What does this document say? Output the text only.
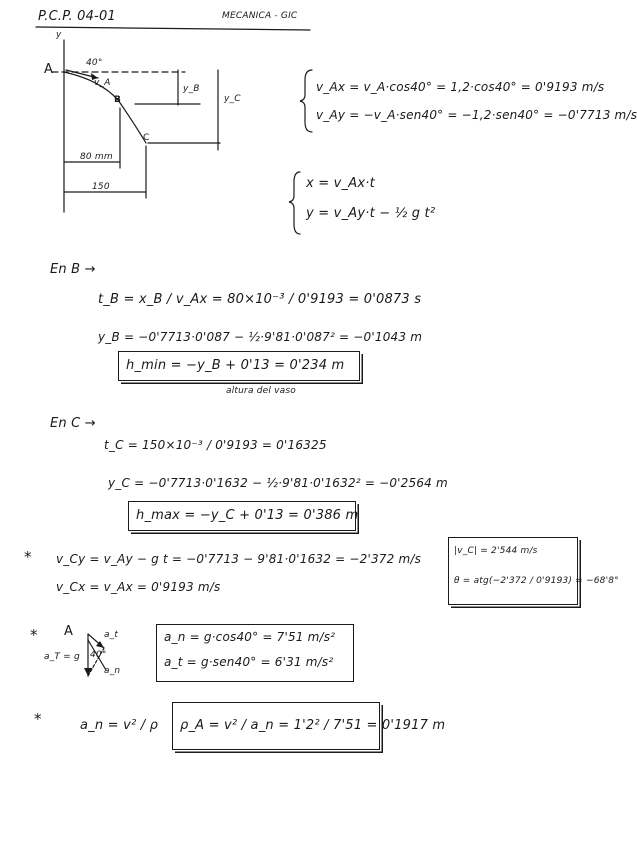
P.C.P. 04-01	MECANICA - GIC
y
A
B
C
40°
v_A
y_B
y_C
80 mm
150
v_Ax = v_A·cos40° = 1,2·cos40° = 0'9193 m/s
v_Ay = −v_A·sen40° = −1,2·sen40° = −0'7713 m/s
x = v_Ax·t
y = v_Ay·t − ½ g t²
En B →
t_B = x_B / v_Ax = 80×10⁻³ / 0'9193 = 0'0873 s
y_B = −0'7713·0'087 − ½·9'81·0'087² = −0'1043 m
h_min = −y_B + 0'13 = 0'234 m
altura del vaso
En C →
t_C = 150×10⁻³ / 0'9193 = 0'16325
y_C = −0'7713·0'1632 − ½·9'81·0'1632² = −0'2564 m
h_max = −y_C + 0'13 = 0'386 m
* v_Cy = v_Ay − g t = −0'7713 − 9'81·0'1632 = −2'372 m/s
v_Cx = v_Ax = 0'9193 m/s
|v_C| = 2'544 m/s
θ = atg(−2'372 / 0'9193) = −68'8°
* A	a_t
a_T = g
a_n
40°
a_n = g·cos40° = 7'51 m/s²
a_t = g·sen40° = 6'31 m/s²
*	a_n = v² / ρ ρ_A = v² / a_n = 1'2² / 7'51 = 0'1917 m
